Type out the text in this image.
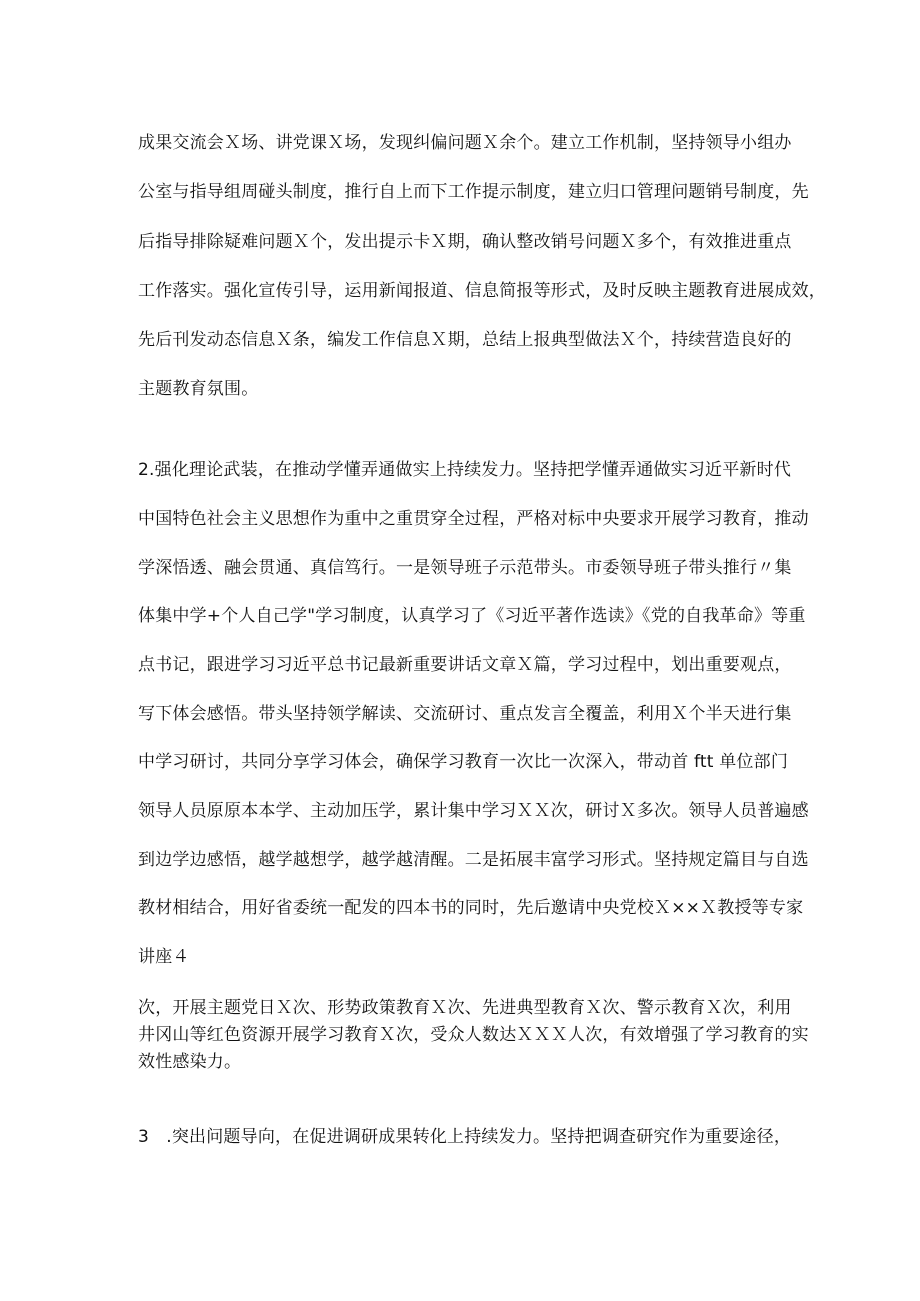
成果交流会Ｘ场、讲党课Ｘ场，发现纠偏问题Ｘ余个。建立工作机制，坚持领导小组办
公室与指导组周碰头制度，推行自上而下工作提示制度，建立归口管理问题销号制度，先
后指导排除疑难问题Ｘ个，发出提示卡Ｘ期，确认整改销号问题Ｘ多个，有效推进重点
工作落实。强化宣传引导，运用新闻报道、信息简报等形式，及时反映主题教育进展成效，
先后刊发动态信息Ｘ条，编发工作信息Ｘ期，总结上报典型做法Ｘ个，持续营造良好的
主题教育氛围。
2.强化理论武装，在推动学懂弄通做实上持续发力。坚持把学懂弄通做实习近平新时代
中国特色社会主义思想作为重中之重贯穿全过程，严格对标中央要求开展学习教育，推动
学深悟透、融会贯通、真信笃行。一是领导班子示范带头。市委领导班子带头推行〃集
体集中学+个人自己学"学习制度，认真学习了《习近平著作选读》《党的自我革命》等重
点书记，跟进学习习近平总书记最新重要讲话文章Ｘ篇，学习过程中，划出重要观点，
写下体会感悟。带头坚持领学解读、交流研讨、重点发言全覆盖，利用Ｘ个半天进行集
中学习研讨，共同分享学习体会，确保学习教育一次比一次深入，带动首 ftt 单位部门
领导人员原原本本学、主动加压学，累计集中学习ＸＸ次，研讨Ｘ多次。领导人员普遍感
到边学边感悟，越学越想学，越学越清醒。二是拓展丰富学习形式。坚持规定篇目与自选
教材相结合，用好省委统一配发的四本书的同时，先后邀请中央党校Ｘ××Ｘ教授等专家
讲座４
次，开展主题党日Ｘ次、形势政策教育Ｘ次、先进典型教育Ｘ次、警示教育Ｘ次，利用
井冈山等红色资源开展学习教育Ｘ次，受众人数达ＸＸＸ人次，有效增强了学习教育的实
效性感染力。
3　.突出问题导向，在促进调研成果转化上持续发力。坚持把调查研究作为重要途径，
